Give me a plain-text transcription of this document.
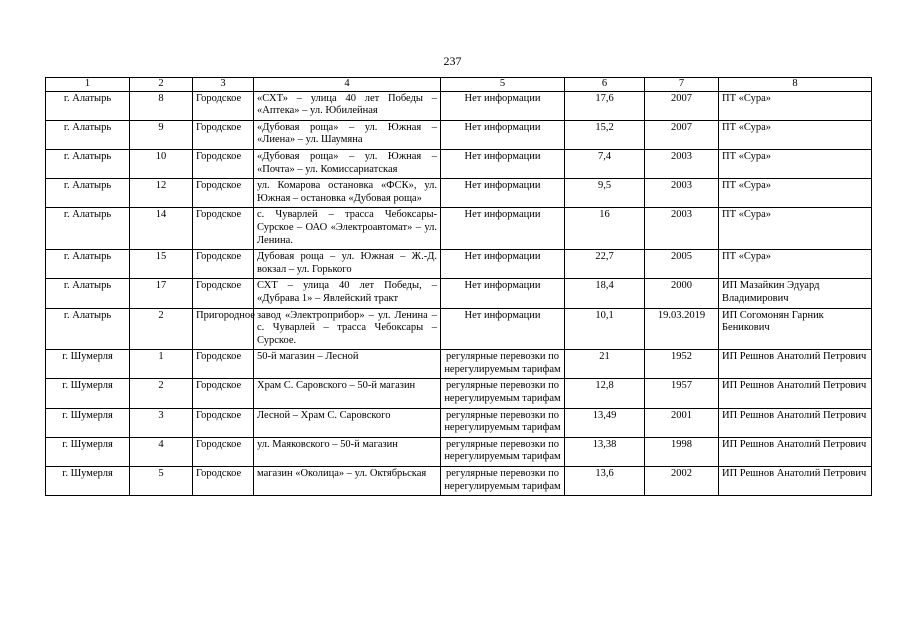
237
1	2	3	4	5	6	7	8
г. Алатырь	8	Городское	«СХТ» – улица 40 лет Победы – «Аптека» – ул. Юбилейная	Нет информации	17,6	2007	ПТ «Сура»
г. Алатырь	9	Городское	«Дубовая роща» – ул. Южная – «Лиена» – ул. Шаумяна	Нет информации	15,2	2007	ПТ «Сура»
г. Алатырь	10	Городское	«Дубовая роща» – ул. Южная – «Почта» – ул. Комиссариатская	Нет информации	7,4	2003	ПТ «Сура»
г. Алатырь	12	Городское	ул. Комарова остановка «ФСК», ул. Южная – остановка «Дубовая роща»	Нет информации	9,5	2003	ПТ «Сура»
г. Алатырь	14	Городское	с. Чуварлей – трасса Чебоксары-Сурское – ОАО «Электроавтомат» – ул. Ленина.	Нет информации	16	2003	ПТ «Сура»
г. Алатырь	15	Городское	Дубовая роща – ул. Южная – Ж.-Д. вокзал – ул. Горького	Нет информации	22,7	2005	ПТ «Сура»
г. Алатырь	17	Городское	СХТ – улица 40 лет Победы, – «Дубрава 1» – Явлейский тракт	Нет информации	18,4	2000	ИП Мазайкин Эдуард Владимирович
г. Алатырь	2	Пригородное	завод «Электроприбор» – ул. Ленина – с. Чуварлей – трасса Чебоксары – Сурское.	Нет информации	10,1	19.03.2019	ИП Согомонян Гарник Беникович
г. Шумерля	1	Городское	50-й магазин – Лесной	регулярные перевозки по нерегулируемым тарифам	21	1952	ИП Решнов Анатолий Петрович
г. Шумерля	2	Городское	Храм С. Саровского – 50-й магазин	регулярные перевозки по нерегулируемым тарифам	12,8	1957	ИП Решнов Анатолий Петрович
г. Шумерля	3	Городское	Лесной – Храм С. Саровского	регулярные перевозки по нерегулируемым тарифам	13,49	2001	ИП Решнов Анатолий Петрович
г. Шумерля	4	Городское	ул. Маяковского – 50-й магазин	регулярные перевозки по нерегулируемым тарифам	13,38	1998	ИП Решнов Анатолий Петрович
г. Шумерля	5	Городское	магазин «Околица» – ул. Октябрьская	регулярные перевозки по нерегулируемым тарифам	13,6	2002	ИП Решнов Анатолий Петрович
